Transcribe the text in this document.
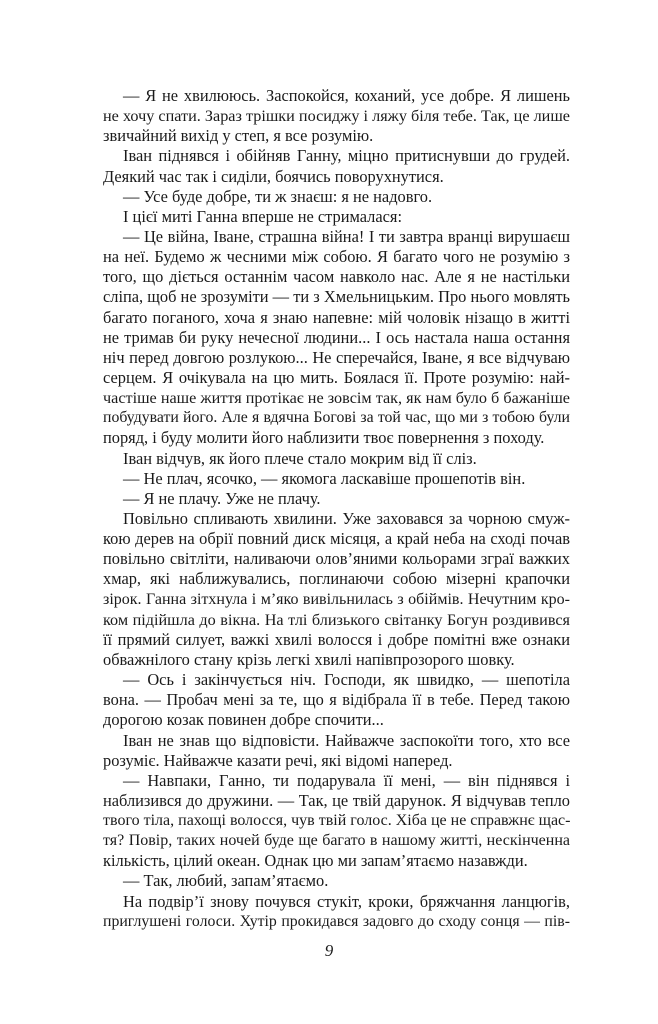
— Я не хвилююсь. Заспокойся, коханий, усе добре. Я лишень
не хочу спати. Зараз трішки посиджу і ляжу біля тебе. Так, це лише
звичайний вихід у степ, я все розумію.
Іван піднявся і обійняв Ганну, міцно притиснувши до грудей.
Деякий час так і сиділи, боячись поворухнутися.
— Усе буде добре, ти ж знаєш: я не надовго.
І цієї миті Ганна вперше не стрималася:
— Це війна, Іване, страшна війна! І ти завтра вранці вирушаєш
на неї. Будемо ж чесними між собою. Я багато чого не розумію з
того, що діється останнім часом навколо нас. Але я не настільки
сліпа, щоб не зрозуміти — ти з Хмельницьким. Про нього мовлять
багато поганого, хоча я знаю напевне: мій чоловік нізащо в житті
не тримав би руку нечесної людини... І ось настала наша остання
ніч перед довгою розлукою... Не сперечайся, Іване, я все відчуваю
серцем. Я очікувала на цю мить. Боялася її. Проте розумію: най-
частіше наше життя протікає не зовсім так, як нам було б бажаніше
побудувати його. Але я вдячна Богові за той час, що ми з тобою були
поряд, і буду молити його наблизити твоє повернення з походу.
Іван відчув, як його плече стало мокрим від її сліз.
— Не плач, ясочко, — якомога ласкавіше прошепотів він.
— Я не плачу. Уже не плачу.
Повільно спливають хвилини. Уже заховався за чорною смуж-
кою дерев на обрії повний диск місяця, а край неба на сході почав
повільно світліти, наливаючи олов’яними кольорами зграї важких
хмар, які наближувались, поглинаючи собою мізерні крапочки
зірок. Ганна зітхнула і м’яко вивільнилась з обіймів. Нечутним кро-
ком підійшла до вікна. На тлі близького світанку Богун роздивився
її прямий силует, важкі хвилі волосся і добре помітні вже ознаки
обважнілого стану крізь легкі хвилі напівпрозорого шовку.
— Ось і закінчується ніч. Господи, як швидко, — шепотіла
вона. — Пробач мені за те, що я відібрала її в тебе. Перед такою
дорогою козак повинен добре спочити...
Іван не знав що відповісти. Найважче заспокоїти того, хто все
розуміє. Найважче казати речі, які відомі наперед.
— Навпаки, Ганно, ти подарувала її мені, — він піднявся і
наблизився до дружини. — Так, це твій дарунок. Я відчував тепло
твого тіла, пахощі волосся, чув твій голос. Хіба це не справжнє щас-
тя? Повір, таких ночей буде ще багато в нашому житті, нескінченна
кількість, цілий океан. Однак цю ми запам’ятаємо назавжди.
— Так, любий, запам’ятаємо.
На подвір’ї знову почувся стукіт, кроки, бряжчання ланцюгів,
приглушені голоси. Хутір прокидався задовго до сходу сонця — пів-
9
